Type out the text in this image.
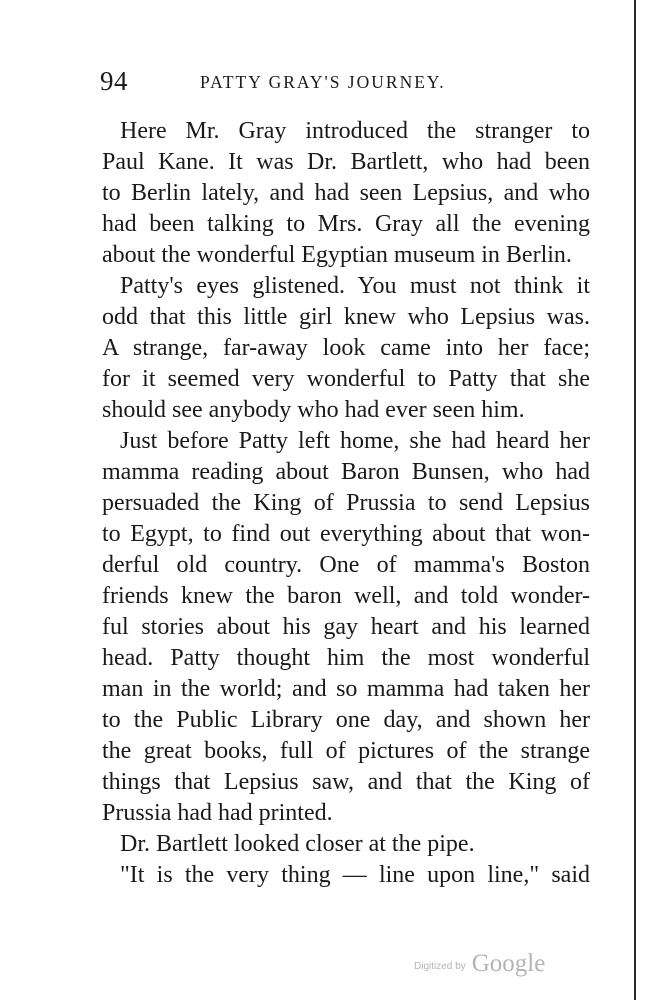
94	PATTY GRAY'S JOURNEY.
Here Mr. Gray introduced the stranger to
Paul Kane. It was Dr. Bartlett, who had been
to Berlin lately, and had seen Lepsius, and who
had been talking to Mrs. Gray all the evening
about the wonderful Egyptian museum in Berlin.
Patty's eyes glistened. You must not think it
odd that this little girl knew who Lepsius was.
A strange, far-away look came into her face;
for it seemed very wonderful to Patty that she
should see anybody who had ever seen him.
Just before Patty left home, she had heard her
mamma reading about Baron Bunsen, who had
persuaded the King of Prussia to send Lepsius
to Egypt, to find out everything about that won-
derful old country. One of mamma's Boston
friends knew the baron well, and told wonder-
ful stories about his gay heart and his learned
head. Patty thought him the most wonderful
man in the world; and so mamma had taken her
to the Public Library one day, and shown her
the great books, full of pictures of the strange
things that Lepsius saw, and that the King of
Prussia had had printed.
Dr. Bartlett looked closer at the pipe.
"It is the very thing — line upon line," said
Digitized by Google
